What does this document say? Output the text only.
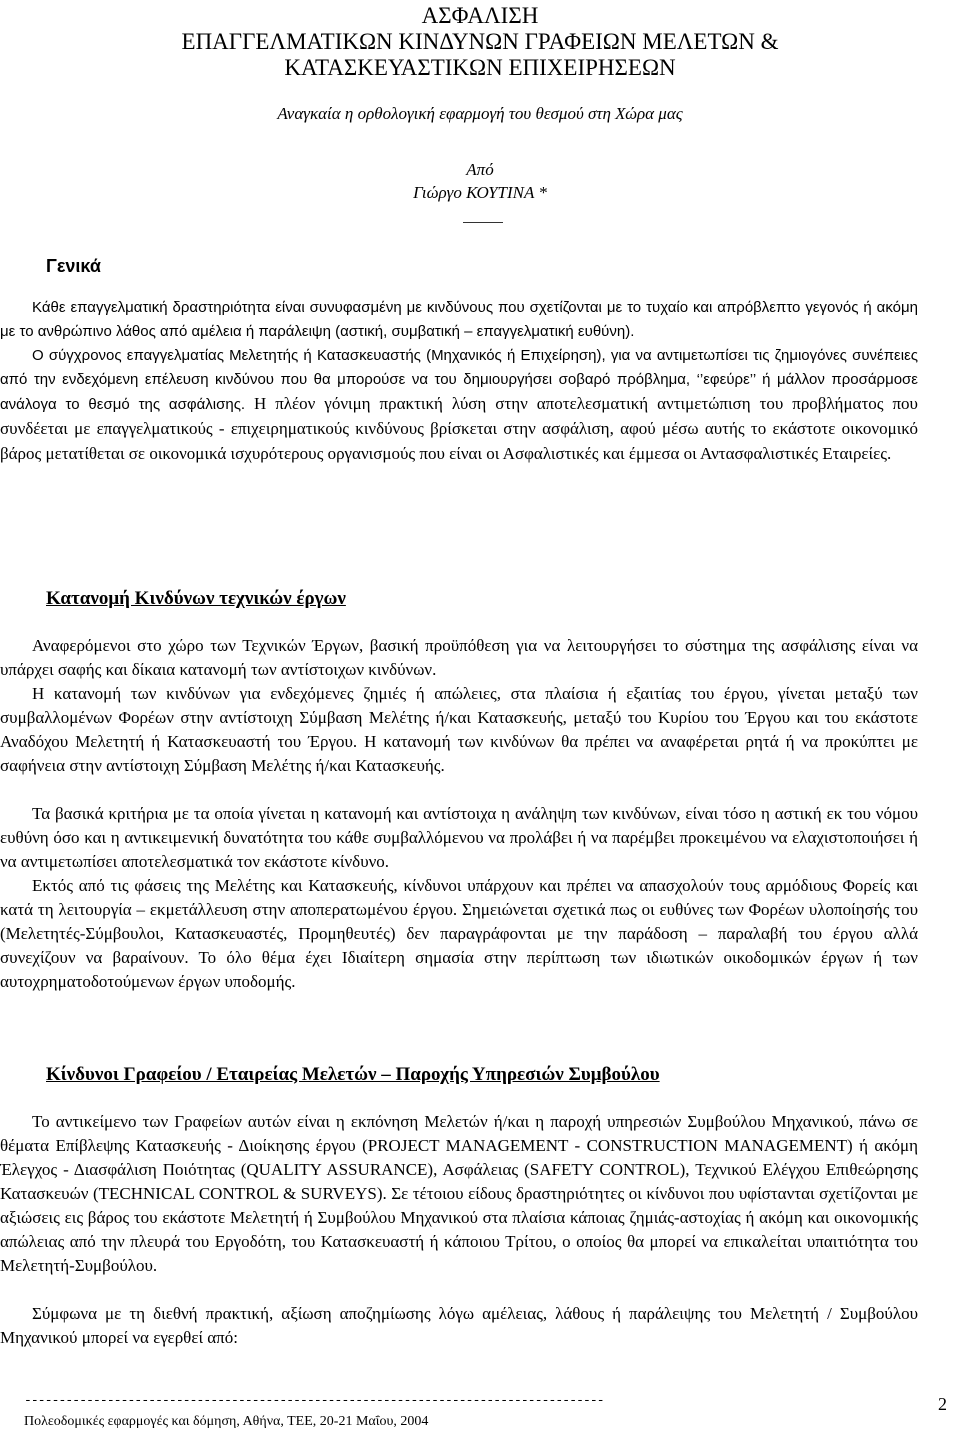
ΑΣΦΑΛΙΣΗ
ΕΠΑΓΓΕΛΜΑΤΙΚΩΝ ΚΙΝΔΥΝΩΝ ΓΡΑΦΕΙΩΝ ΜΕΛΕΤΩΝ &
ΚΑΤΑΣΚΕΥΑΣΤΙΚΩΝ ΕΠΙΧΕΙΡΗΣΕΩΝ
Αναγκαία η ορθολογική εφαρμογή του θεσμού στη Χώρα μας
Από
Γιώργο ΚΟΥΤΙΝΑ *
Γενικά

Κάθε επαγγελματική δραστηριότητα είναι συνυφασμένη με κινδύνους που σχετίζονται με το τυχαίο και απρόβλεπτο γεγονός ή ακόμη με το ανθρώπινο λάθος από αμέλεια ή παράλειψη (αστική, συμβατική – επαγγελματική ευθύνη).

Ο σύγχρονος επαγγελματίας Μελετητής ή Κατασκευαστής (Μηχανικός ή Επιχείρηση), για να αντιμετωπίσει τις ζημιογόνες συνέπειες από την ενδεχόμενη επέλευση κινδύνου που θα μπορούσε να του δημιουργήσει σοβαρό πρόβλημα, ‘’εφεύρε’’ ή μάλλον προσάρμοσε ανάλογα το θεσμό της ασφάλισης. Η πλέον γόνιμη πρακτική λύση στην αποτελεσματική αντιμετώπιση του προβλήματος που συνδέεται με επαγγελματικούς - επιχειρηματικούς κινδύνους βρίσκεται στην ασφάλιση, αφού μέσω αυτής το εκάστοτε οικονομικό βάρος μετατίθεται σε οικονομικά ισχυρότερους οργανισμούς που είναι οι Ασφαλιστικές και έμμεσα οι Αντασφαλιστικές Εταιρείες.

Κατανομή Κινδύνων τεχνικών έργων

Αναφερόμενοι στο χώρο των Τεχνικών Έργων, βασική προϋπόθεση για να λειτουργήσει το σύστημα της ασφάλισης είναι να υπάρχει σαφής και δίκαια κατανομή των αντίστοιχων κινδύνων.

Η κατανομή των κινδύνων για ενδεχόμενες ζημιές ή απώλειες, στα πλαίσια ή εξαιτίας του έργου, γίνεται μεταξύ των συμβαλλομένων Φορέων στην αντίστοιχη Σύμβαση Μελέτης ή/και Κατασκευής, μεταξύ του Κυρίου του Έργου και του εκάστοτε Αναδόχου Μελετητή ή Κατασκευαστή του Έργου. Η κατανομή των κινδύνων θα πρέπει να αναφέρεται ρητά ή να προκύπτει με σαφήνεια στην αντίστοιχη Σύμβαση Μελέτης ή/και Κατασκευής.

Τα βασικά κριτήρια με τα οποία γίνεται η κατανομή και αντίστοιχα η ανάληψη των κινδύνων, είναι τόσο η αστική εκ του νόμου ευθύνη όσο και η αντικειμενική δυνατότητα του κάθε συμβαλλόμενου να προλάβει ή να παρέμβει προκειμένου να ελαχιστοποιήσει ή να αντιμετωπίσει αποτελεσματικά τον εκάστοτε κίνδυνο.

Εκτός από τις φάσεις της Μελέτης και Κατασκευής, κίνδυνοι υπάρχουν και πρέπει να απασχολούν τους αρμόδιους Φορείς και κατά τη λειτουργία – εκμετάλλευση στην αποπερατωμένου έργου. Σημειώνεται σχετικά πως οι ευθύνες των Φορέων υλοποίησής του (Μελετητές-Σύμβουλοι, Κατασκευαστές, Προμηθευτές) δεν παραγράφονται με την παράδοση – παραλαβή του έργου αλλά συνεχίζουν να βαραίνουν. Το όλο θέμα έχει Ιδιαίτερη σημασία στην περίπτωση των ιδιωτικών οικοδομικών έργων ή των αυτοχρηματοδοτούμενων έργων υποδομής.

Κίνδυνοι Γραφείου / Εταιρείας Μελετών – Παροχής Υπηρεσιών Συμβούλου

Το αντικείμενο των Γραφείων αυτών είναι η εκπόνηση Μελετών ή/και η παροχή υπηρεσιών Συμβούλου Μηχανικού, πάνω σε θέματα Επίβλεψης Κατασκευής - Διοίκησης έργου (PROJECT MANAGEMENT - CONSTRUCTION MANAGEMENT) ή ακόμη Έλεγχος - Διασφάλιση Ποιότητας (QUALITY ASSURANCE), Ασφάλειας (SAFETY CONTROL), Τεχνικού Ελέγχου Επιθεώρησης Κατασκευών (TECHNICAL CONTROL & SURVEYS). Σε τέτοιου είδους δραστηριότητες οι κίνδυνοι που υφίστανται σχετίζονται με αξιώσεις εις βάρος του εκάστοτε Μελετητή ή Συμβούλου Μηχανικού στα πλαίσια κάποιας ζημιάς-αστοχίας ή ακόμη και οικονομικής απώλειας από την πλευρά του Εργοδότη, του Κατασκευαστή ή κάποιου Τρίτου, ο οποίος θα μπορεί να επικαλείται υπαιτιότητα του Μελετητή-Συμβούλου.

Σύμφωνα με τη διεθνή πρακτική, αξίωση αποζημίωσης λόγω αμέλειας, λάθους ή παράλειψης του Μελετητή / Συμβούλου Μηχανικού μπορεί να εγερθεί από:

------------------------------------------------------------------------------------
Πολεοδομικές εφαρμογές και δόμηση, Αθήνα, ΤΕΕ, 20-21 Μαΐου, 2004
2
